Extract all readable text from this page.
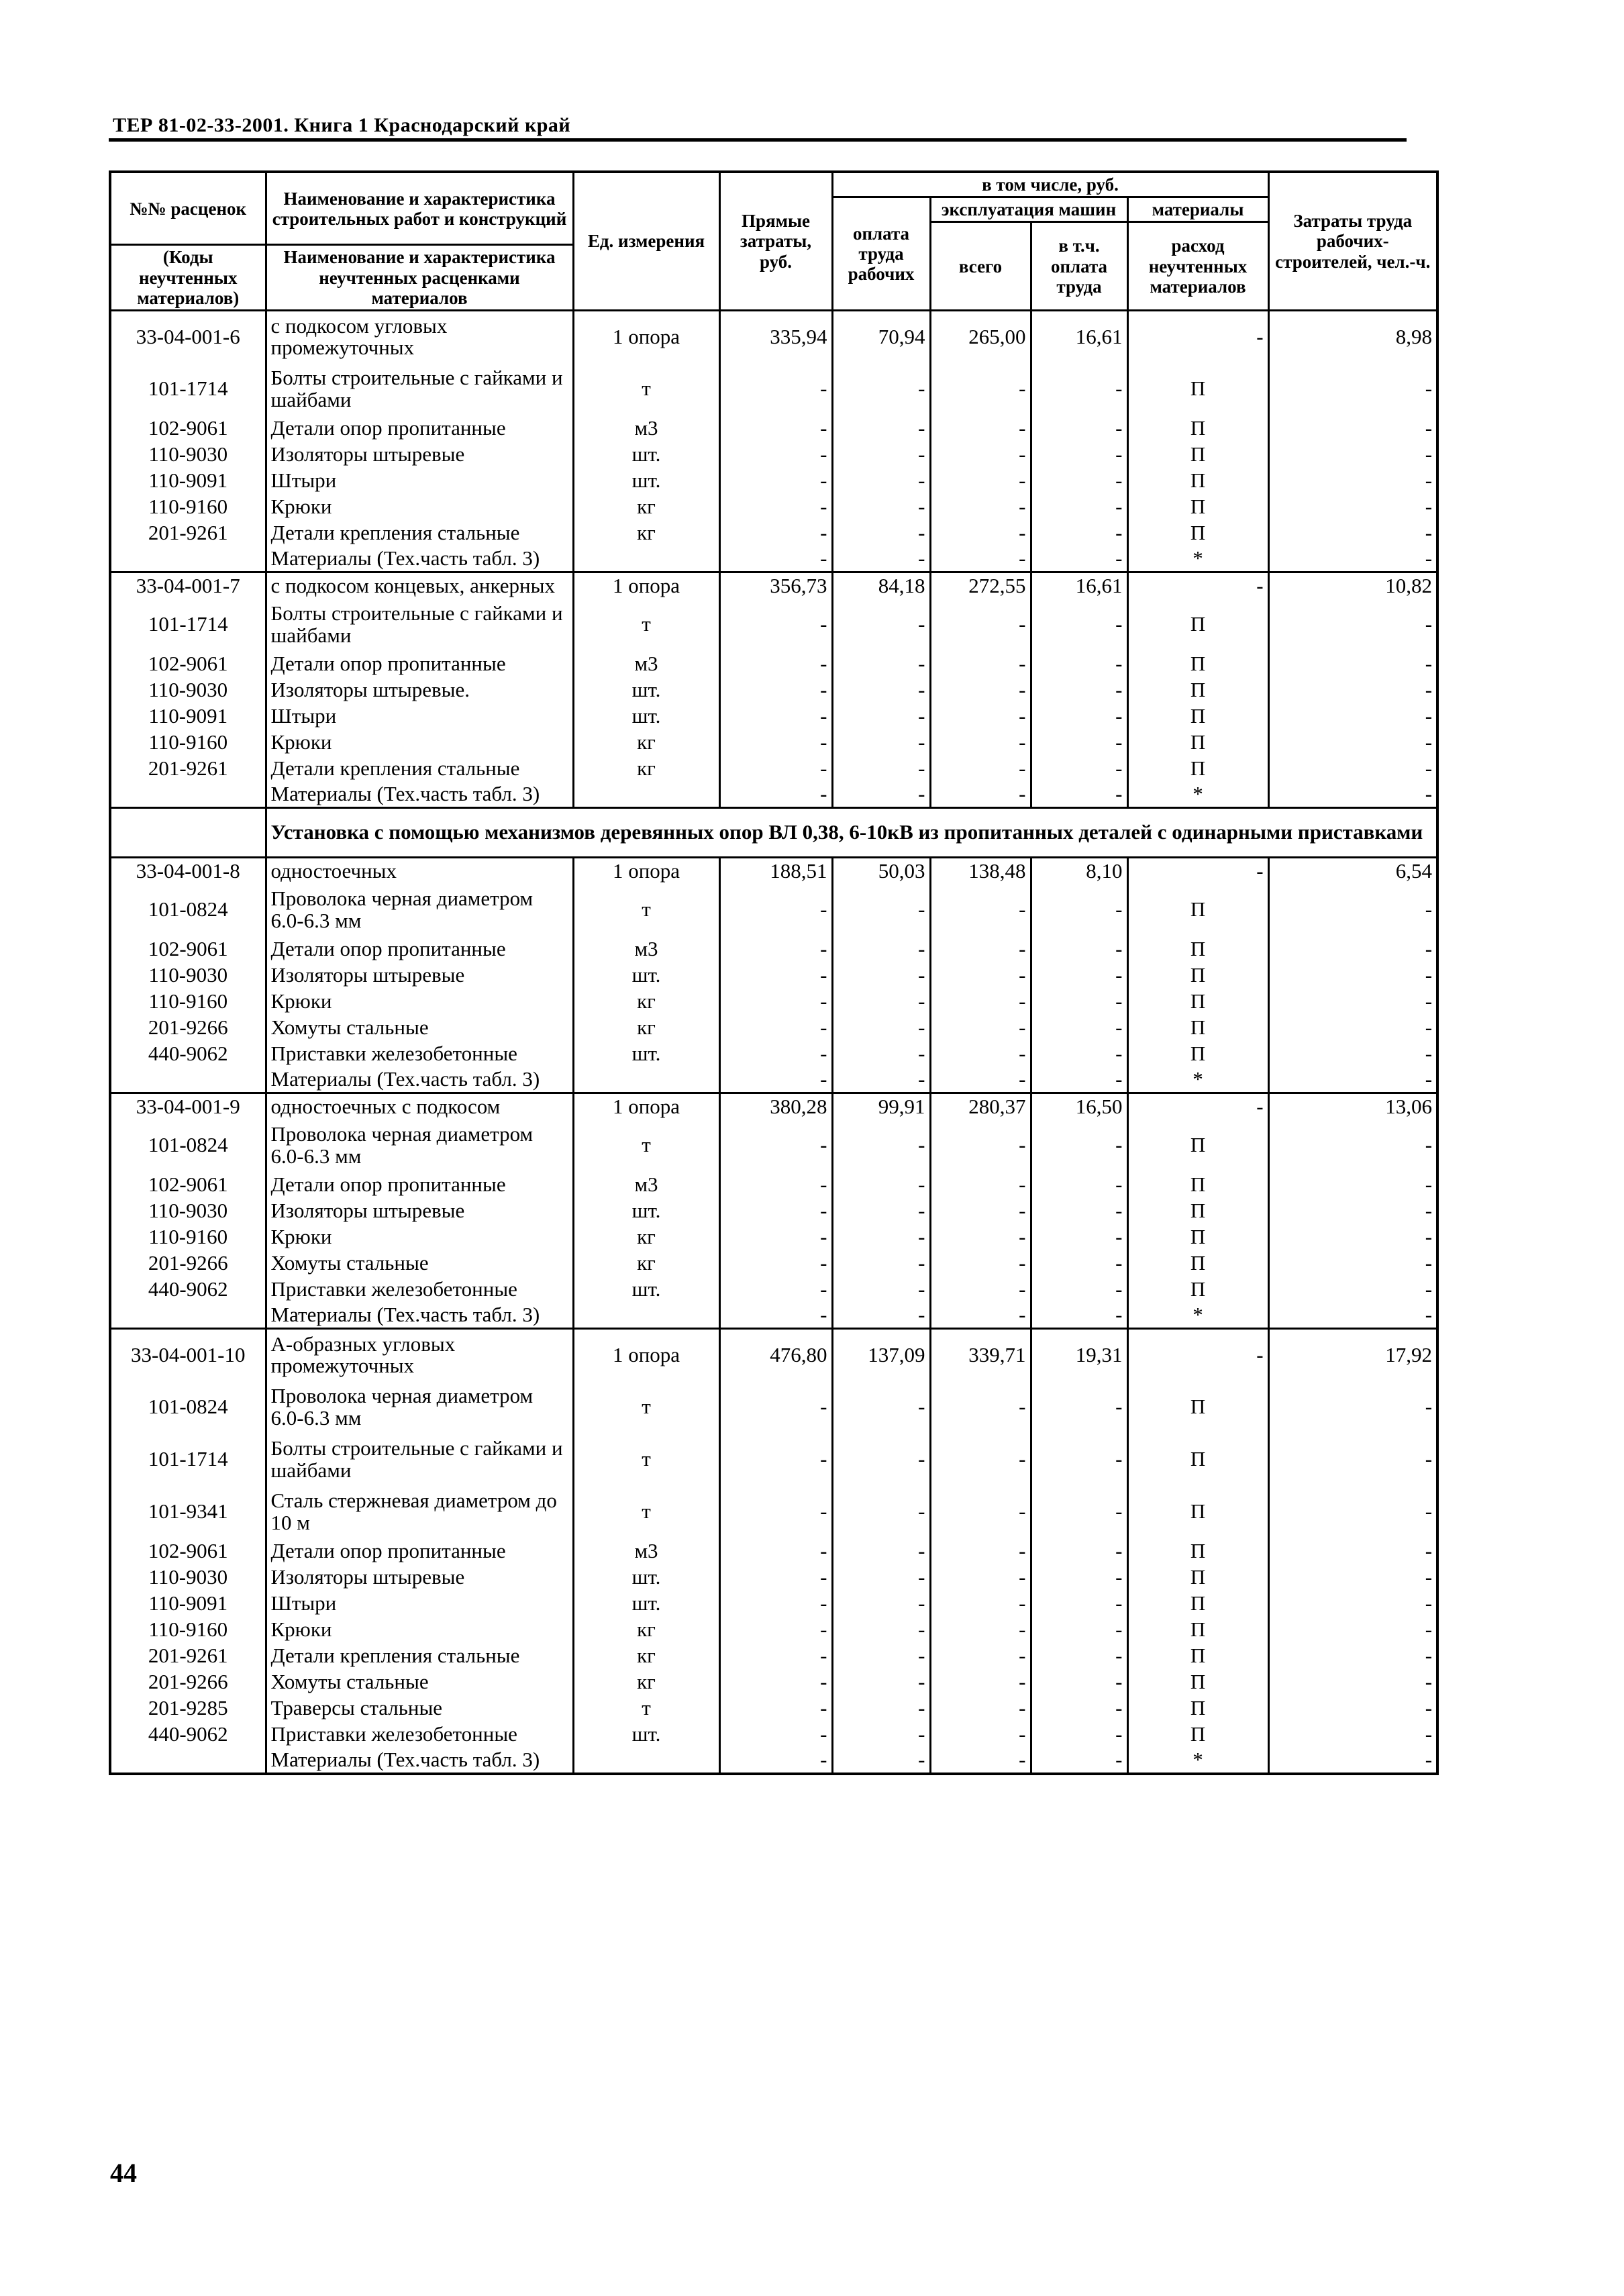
ТЕР 81-02-33-2001. Книга 1 Краснодарский край
№№ расценок	Наименование и характеристика строительных работ и конструкций	Ед. измерения	Прямые затраты, руб.	в том числе, руб.				Затраты труда рабочих-строителей, чел.-ч.
				оплата труда рабочих	эксплуатация машин		материалы	
					всего	в т.ч. оплата труда	расход неучтенных материалов	
(Коды неучтенных материалов)	Наименование и характеристика неучтенных расценками материалов							
33-04-001-6	с подкосом угловых промежуточных	1 опора	335,94	70,94	265,00	16,61	-	8,98
101-1714	Болты строительные с гайками и шайбами	т	-	-	-	-	П	-
102-9061	Детали опор пропитанные	м3	-	-	-	-	П	-
110-9030	Изоляторы штыревые	шт.	-	-	-	-	П	-
110-9091	Штыри	шт.	-	-	-	-	П	-
110-9160	Крюки	кг	-	-	-	-	П	-
201-9261	Детали крепления стальные	кг	-	-	-	-	П	-
	Материалы (Тех.часть табл. 3)		-	-	-	-	*	-
33-04-001-7	с подкосом концевых, анкерных	1 опора	356,73	84,18	272,55	16,61	-	10,82
101-1714	Болты строительные с гайками и шайбами	т	-	-	-	-	П	-
102-9061	Детали опор пропитанные	м3	-	-	-	-	П	-
110-9030	Изоляторы штыревые.	шт.	-	-	-	-	П	-
110-9091	Штыри	шт.	-	-	-	-	П	-
110-9160	Крюки	кг	-	-	-	-	П	-
201-9261	Детали крепления стальные	кг	-	-	-	-	П	-
	Материалы (Тех.часть табл. 3)		-	-	-	-	*	-
	Установка с помощью механизмов деревянных опор ВЛ 0,38, 6-10кВ из пропитанных деталей с одинарными приставками							
33-04-001-8	одностоечных	1 опора	188,51	50,03	138,48	8,10	-	6,54
101-0824	Проволока черная диаметром 6.0-6.3 мм	т	-	-	-	-	П	-
102-9061	Детали опор пропитанные	м3	-	-	-	-	П	-
110-9030	Изоляторы штыревые	шт.	-	-	-	-	П	-
110-9160	Крюки	кг	-	-	-	-	П	-
201-9266	Хомуты стальные	кг	-	-	-	-	П	-
440-9062	Приставки железобетонные	шт.	-	-	-	-	П	-
	Материалы (Тех.часть табл. 3)		-	-	-	-	*	-
33-04-001-9	одностоечных с подкосом	1 опора	380,28	99,91	280,37	16,50	-	13,06
101-0824	Проволока черная диаметром 6.0-6.3 мм	т	-	-	-	-	П	-
102-9061	Детали опор пропитанные	м3	-	-	-	-	П	-
110-9030	Изоляторы штыревые	шт.	-	-	-	-	П	-
110-9160	Крюки	кг	-	-	-	-	П	-
201-9266	Хомуты стальные	кг	-	-	-	-	П	-
440-9062	Приставки железобетонные	шт.	-	-	-	-	П	-
	Материалы (Тех.часть табл. 3)		-	-	-	-	*	-
33-04-001-10	А-образных угловых промежуточных	1 опора	476,80	137,09	339,71	19,31	-	17,92
101-0824	Проволока черная диаметром 6.0-6.3 мм	т	-	-	-	-	П	-
101-1714	Болты строительные с гайками и шайбами	т	-	-	-	-	П	-
101-9341	Сталь стержневая диаметром до 10 м	т	-	-	-	-	П	-
102-9061	Детали опор пропитанные	м3	-	-	-	-	П	-
110-9030	Изоляторы штыревые	шт.	-	-	-	-	П	-
110-9091	Штыри	шт.	-	-	-	-	П	-
110-9160	Крюки	кг	-	-	-	-	П	-
201-9261	Детали крепления стальные	кг	-	-	-	-	П	-
201-9266	Хомуты стальные	кг	-	-	-	-	П	-
201-9285	Траверсы стальные	т	-	-	-	-	П	-
440-9062	Приставки железобетонные	шт.	-	-	-	-	П	-
	Материалы (Тех.часть табл. 3)		-	-	-	-	*	-
44
